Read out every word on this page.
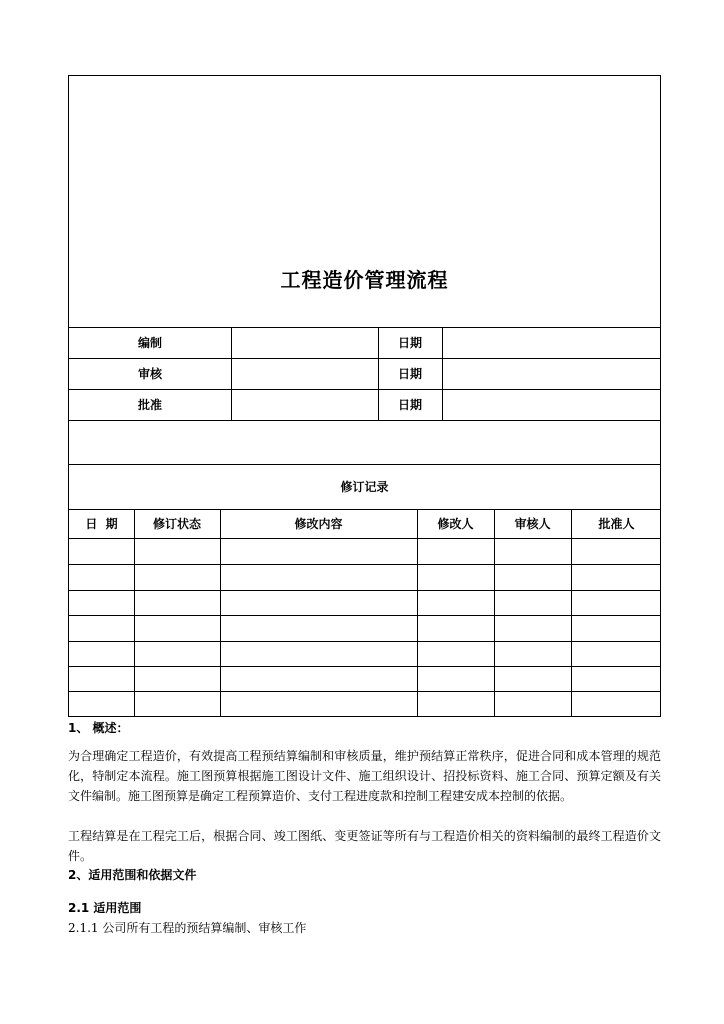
工程造价管理流程
编制	日期
审核	日期
批准	日期
修订记录
日  期	修订状态	修改内容	修改人	审核人	批准人
1、 概述：
为合理确定工程造价，有效提高工程预结算编制和审核质量，维护预结算正常秩序，促进合同和成本管理的规范化，特制定本流程。施工图预算根据施工图设计文件、施工组织设计、招投标资料、施工合同、预算定额及有关文件编制。施工图预算是确定工程预算造价、支付工程进度款和控制工程建安成本控制的依据。
工程结算是在工程完工后，根据合同、竣工图纸、变更签证等所有与工程造价相关的资料编制的最终工程造价文件。
2、适用范围和依据文件
2.1 适用范围
2.1.1 公司所有工程的预结算编制、审核工作
